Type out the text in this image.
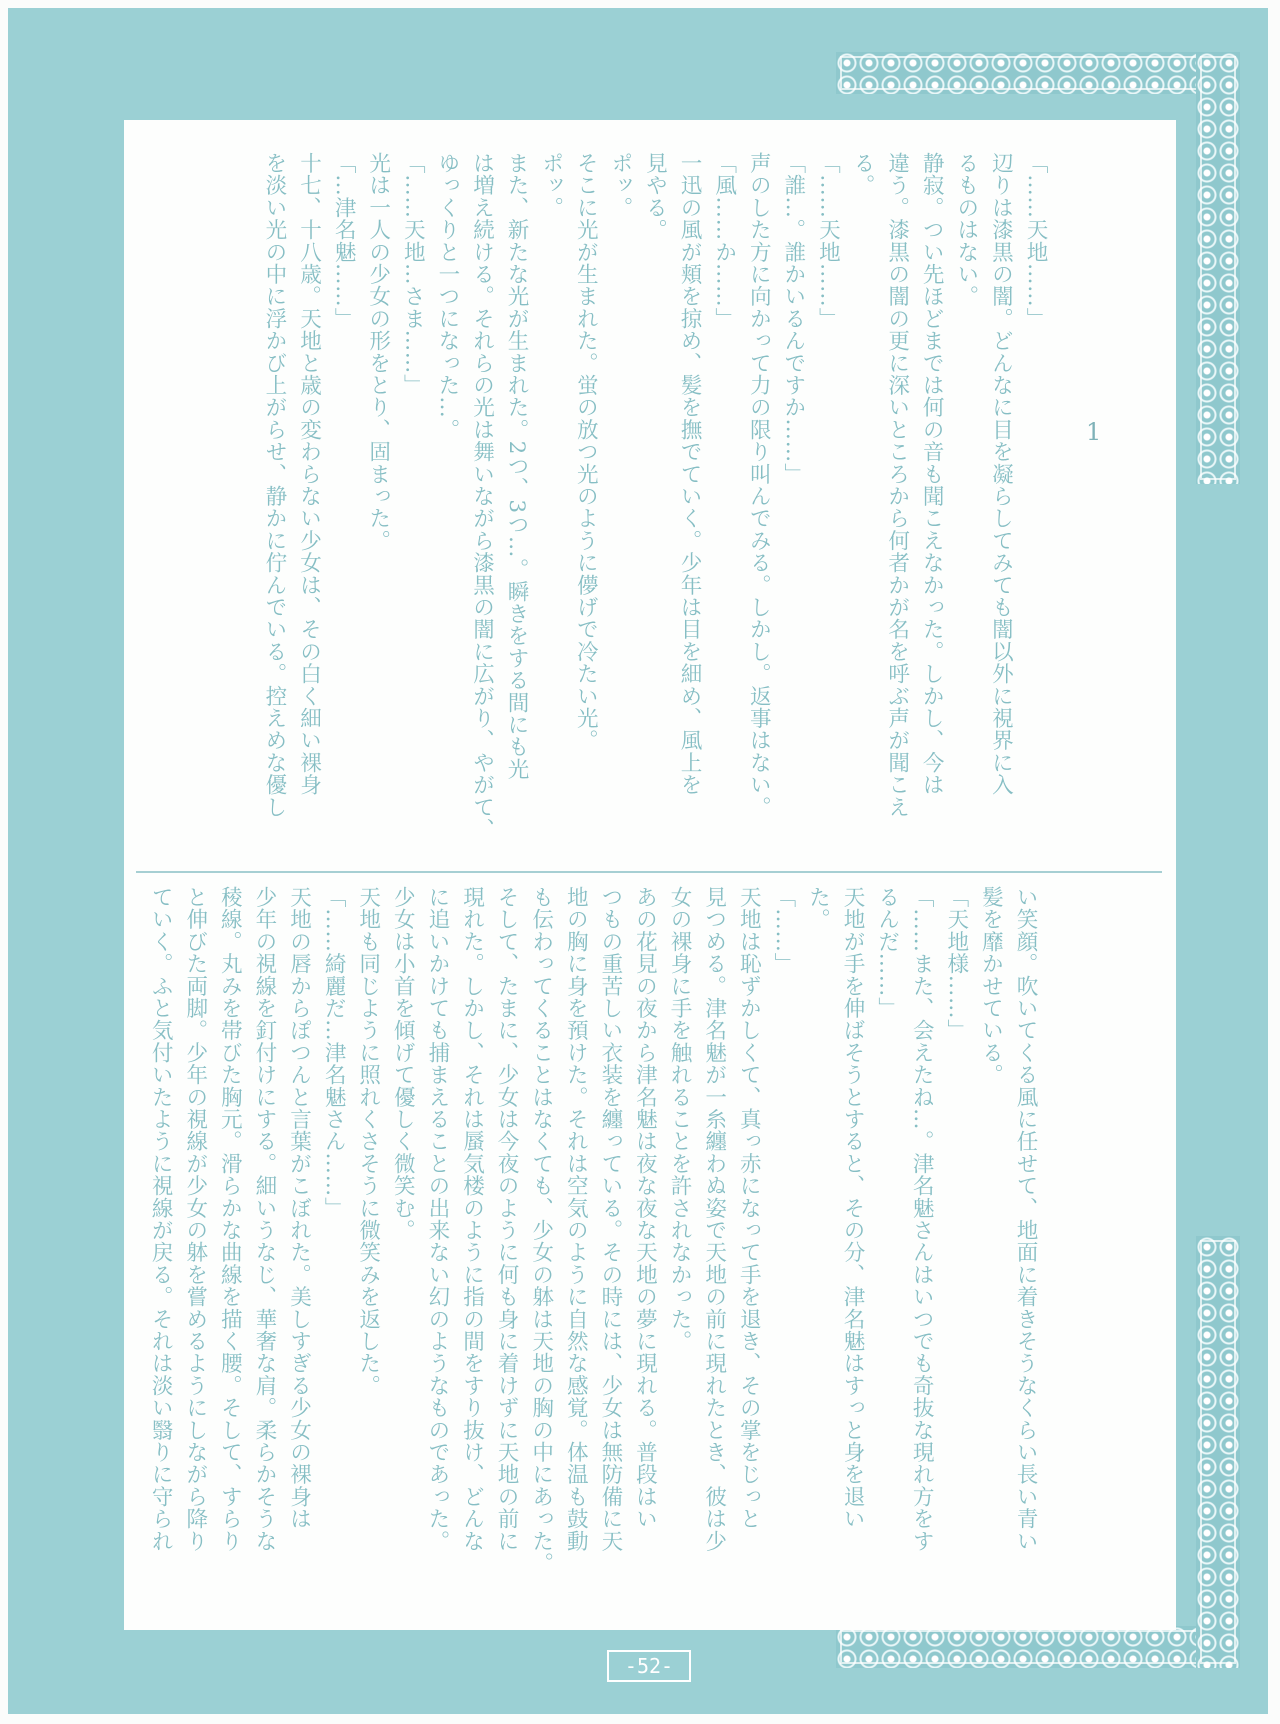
1

「……天地……」

辺りは漆黒の闇。どんなに目を凝らしてみても闇以外に視界に入

るものはない。

静寂。つい先ほどまでは何の音も聞こえなかった。しかし、今は

違う。漆黒の闇の更に深いところから何者かが名を呼ぶ声が聞こえ

る。

「……天地……」

「誰…。誰かいるんですか……」

声のした方に向かって力の限り叫んでみる。しかし。返事はない。

「風……か……」

一迅の風が頬を掠め、髪を撫でていく。少年は目を細め、風上を

見やる。

ポッ。

そこに光が生まれた。蛍の放つ光のように儚げで冷たい光。

ポッ。

また、新たな光が生まれた。2つ、3つ…。瞬きをする間にも光

は増え続ける。それらの光は舞いながら漆黒の闇に広がり、やがて、

ゆっくりと一つになった…。

「……天地…さま……」

光は一人の少女の形をとり、固まった。

「…津名魅……」

十七、十八歳。天地と歳の変わらない少女は、その白く細い裸身

を淡い光の中に浮かび上がらせ、静かに佇んでいる。控えめな優し

い笑顔。吹いてくる風に任せて、地面に着きそうなくらい長い青い

髪を靡かせている。

「天地様……」

「……また、会えたね…。津名魅さんはいつでも奇抜な現れ方をす

るんだ……」

天地が手を伸ばそうとすると、その分、津名魅はすっと身を退い

た。

「……」

天地は恥ずかしくて、真っ赤になって手を退き、その掌をじっと

見つめる。津名魅が一糸纏わぬ姿で天地の前に現れたとき、彼は少

女の裸身に手を触れることを許されなかった。

あの花見の夜から津名魅は夜な夜な天地の夢に現れる。普段はい

つもの重苦しい衣装を纏っている。その時には、少女は無防備に天

地の胸に身を預けた。それは空気のように自然な感覚。体温も鼓動

も伝わってくることはなくても、少女の躰は天地の胸の中にあった。

そして、たまに、少女は今夜のように何も身に着けずに天地の前に

現れた。しかし、それは蜃気楼のように指の間をすり抜け、どんな

に追いかけても捕まえることの出来ない幻のようなものであった。

少女は小首を傾げて優しく微笑む。

天地も同じように照れくさそうに微笑みを返した。

「……綺麗だ…津名魅さん……」

天地の唇からぽつんと言葉がこぼれた。美しすぎる少女の裸身は

少年の視線を釘付けにする。細いうなじ、華奢な肩。柔らかそうな

稜線。丸みを帯びた胸元。滑らかな曲線を描く腰。そして、すらり

と伸びた両脚。少年の視線が少女の躰を嘗めるようにしながら降り

ていく。ふと気付いたように視線が戻る。それは淡い翳りに守られ

-52-
